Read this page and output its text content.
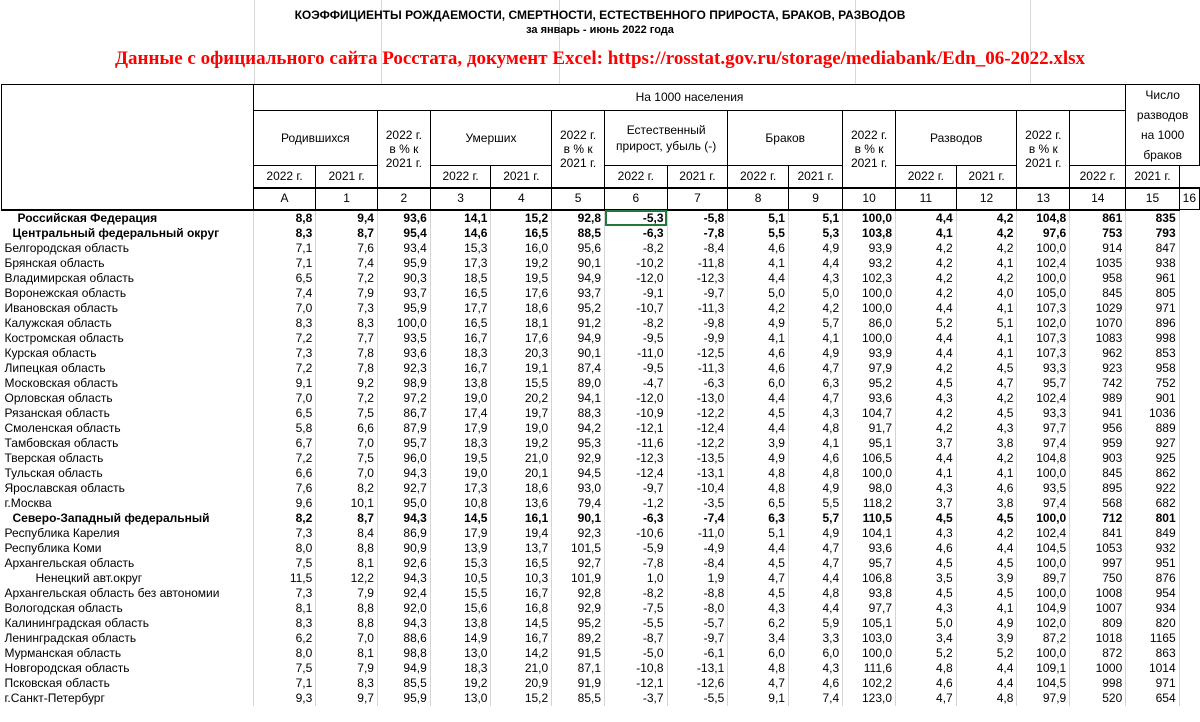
КОЭФФИЦИЕНТЫ РОЖДАЕМОСТИ, СМЕРТНОСТИ, ЕСТЕСТВЕННОГО ПРИРОСТА, БРАКОВ, РАЗВОДОВ
за январь - июнь 2022 года
Данные с официального сайта Росстата, документ Excel: https://rosstat.gov.ru/storage/mediabank/Edn_06-2022.xlsx
	На 1000 населения															Число разводов на 1000 браков	
	Родившихся		2022 г. в % к 2021 г.	Умерших		2022 г. в % к 2021 г.	Естественный прирост, убыль (-)		Браков		2022 г. в % к 2021 г.	Разводов		2022 г. в % к 2021 г.			
	2022 г.	2021 г.		2022 г.	2021 г.		2022 г.	2021 г.	2022 г.	2021 г.		2022 г.	2021 г.		2022 г.	2021 г.	
	А	1	2	3	4	5	6	7	8	9	10	11	12	13	14	15	16
Российская Федерация	8,8	9,4	93,6	14,1	15,2	92,8	-5,3	-5,8	5,1	5,1	100,0	4,4	4,2	104,8	861	835	
Центральный федеральный округ	8,3	8,7	95,4	14,6	16,5	88,5	-6,3	-7,8	5,5	5,3	103,8	4,1	4,2	97,6	753	793	
Белгородская область	7,1	7,6	93,4	15,3	16,0	95,6	-8,2	-8,4	4,6	4,9	93,9	4,2	4,2	100,0	914	847	
Брянская область	7,1	7,4	95,9	17,3	19,2	90,1	-10,2	-11,8	4,1	4,4	93,2	4,2	4,1	102,4	1035	938	
Владимирская область	6,5	7,2	90,3	18,5	19,5	94,9	-12,0	-12,3	4,4	4,3	102,3	4,2	4,2	100,0	958	961	
Воронежская область	7,4	7,9	93,7	16,5	17,6	93,7	-9,1	-9,7	5,0	5,0	100,0	4,2	4,0	105,0	845	805	
Ивановская область	7,0	7,3	95,9	17,7	18,6	95,2	-10,7	-11,3	4,2	4,2	100,0	4,4	4,1	107,3	1029	971	
Калужская область	8,3	8,3	100,0	16,5	18,1	91,2	-8,2	-9,8	4,9	5,7	86,0	5,2	5,1	102,0	1070	896	
Костромская область	7,2	7,7	93,5	16,7	17,6	94,9	-9,5	-9,9	4,1	4,1	100,0	4,4	4,1	107,3	1083	998	
Курская область	7,3	7,8	93,6	18,3	20,3	90,1	-11,0	-12,5	4,6	4,9	93,9	4,4	4,1	107,3	962	853	
Липецкая область	7,2	7,8	92,3	16,7	19,1	87,4	-9,5	-11,3	4,6	4,7	97,9	4,2	4,5	93,3	923	958	
Московская область	9,1	9,2	98,9	13,8	15,5	89,0	-4,7	-6,3	6,0	6,3	95,2	4,5	4,7	95,7	742	752	
Орловская область	7,0	7,2	97,2	19,0	20,2	94,1	-12,0	-13,0	4,4	4,7	93,6	4,3	4,2	102,4	989	901	
Рязанская область	6,5	7,5	86,7	17,4	19,7	88,3	-10,9	-12,2	4,5	4,3	104,7	4,2	4,5	93,3	941	1036	
Смоленская область	5,8	6,6	87,9	17,9	19,0	94,2	-12,1	-12,4	4,4	4,8	91,7	4,2	4,3	97,7	956	889	
Тамбовская область	6,7	7,0	95,7	18,3	19,2	95,3	-11,6	-12,2	3,9	4,1	95,1	3,7	3,8	97,4	959	927	
Тверская область	7,2	7,5	96,0	19,5	21,0	92,9	-12,3	-13,5	4,9	4,6	106,5	4,4	4,2	104,8	903	925	
Тульская область	6,6	7,0	94,3	19,0	20,1	94,5	-12,4	-13,1	4,8	4,8	100,0	4,1	4,1	100,0	845	862	
Ярославская область	7,6	8,2	92,7	17,3	18,6	93,0	-9,7	-10,4	4,8	4,9	98,0	4,3	4,6	93,5	895	922	
г.Москва	9,6	10,1	95,0	10,8	13,6	79,4	-1,2	-3,5	6,5	5,5	118,2	3,7	3,8	97,4	568	682	
Северо-Западный федеральный	8,2	8,7	94,3	14,5	16,1	90,1	-6,3	-7,4	6,3	5,7	110,5	4,5	4,5	100,0	712	801	
Республика Карелия	7,3	8,4	86,9	17,9	19,4	92,3	-10,6	-11,0	5,1	4,9	104,1	4,3	4,2	102,4	841	849	
Республика Коми	8,0	8,8	90,9	13,9	13,7	101,5	-5,9	-4,9	4,4	4,7	93,6	4,6	4,4	104,5	1053	932	
Архангельская область	7,5	8,1	92,6	15,3	16,5	92,7	-7,8	-8,4	4,5	4,7	95,7	4,5	4,5	100,0	997	951	
Ненецкий авт.округ	11,5	12,2	94,3	10,5	10,3	101,9	1,0	1,9	4,7	4,4	106,8	3,5	3,9	89,7	750	876	
Архангельская область без автономии	7,3	7,9	92,4	15,5	16,7	92,8	-8,2	-8,8	4,5	4,8	93,8	4,5	4,5	100,0	1008	954	
Вологодская область	8,1	8,8	92,0	15,6	16,8	92,9	-7,5	-8,0	4,3	4,4	97,7	4,3	4,1	104,9	1007	934	
Калининградская область	8,3	8,8	94,3	13,8	14,5	95,2	-5,5	-5,7	6,2	5,9	105,1	5,0	4,9	102,0	809	820	
Ленинградская область	6,2	7,0	88,6	14,9	16,7	89,2	-8,7	-9,7	3,4	3,3	103,0	3,4	3,9	87,2	1018	1165	
Мурманская область	8,0	8,1	98,8	13,0	14,2	91,5	-5,0	-6,1	6,0	6,0	100,0	5,2	5,2	100,0	872	863	
Новгородская область	7,5	7,9	94,9	18,3	21,0	87,1	-10,8	-13,1	4,8	4,3	111,6	4,8	4,4	109,1	1000	1014	
Псковская область	7,1	8,3	85,5	19,2	20,9	91,9	-12,1	-12,6	4,7	4,6	102,2	4,6	4,4	104,5	998	971	
г.Санкт-Петербург	9,3	9,7	95,9	13,0	15,2	85,5	-3,7	-5,5	9,1	7,4	123,0	4,7	4,8	97,9	520	654	
